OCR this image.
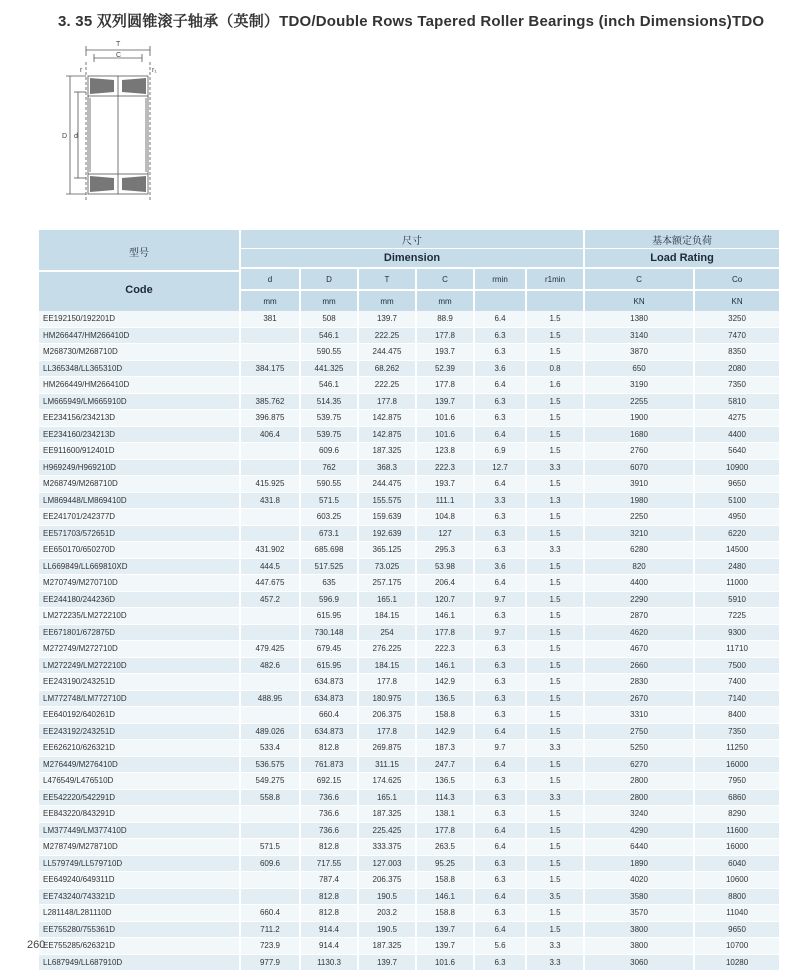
3. 35 双列圆锥滚子轴承（英制）TDO/Double Rows Tapered Roller Bearings (inch Dimensions)TDO
T
C
r	r₁
D d
型号
Code	尺寸						基本额定负荷	
	Dimension						Load Rating	
	d	D	T	C	rmin	r1min	C	Co
	mm	mm	mm	mm			KN	KN
EE192150/192201D	381	508	139.7	88.9	6.4	1.5	1380	3250
HM266447/HM266410D		546.1	222.25	177.8	6.3	1.5	3140	7470
M268730/M268710D		590.55	244.475	193.7	6.3	1.5	3870	8350
LL365348/LL365310D	384.175	441.325	68.262	52.39	3.6	0.8	650	2080
HM266449/HM266410D		546.1	222.25	177.8	6.4	1.6	3190	7350
LM665949/LM665910D	385.762	514.35	177.8	139.7	6.3	1.5	2255	5810
EE234156/234213D	396.875	539.75	142.875	101.6	6.3	1.5	1900	4275
EE234160/234213D	406.4	539.75	142.875	101.6	6.4	1.5	1680	4400
EE911600/912401D		609.6	187.325	123.8	6.9	1.5	2760	5640
H969249/H969210D		762	368.3	222.3	12.7	3.3	6070	10900
M268749/M268710D	415.925	590.55	244.475	193.7	6.4	1.5	3910	9650
LM869448/LM869410D	431.8	571.5	155.575	111.1	3.3	1.3	1980	5100
EE241701/242377D		603.25	159.639	104.8	6.3	1.5	2250	4950
EE571703/572651D		673.1	192.639	127	6.3	1.5	3210	6220
EE650170/650270D	431.902	685.698	365.125	295.3	6.3	3.3	6280	14500
LL669849/LL669810XD	444.5	517.525	73.025	53.98	3.6	1.5	820	2480
M270749/M270710D	447.675	635	257.175	206.4	6.4	1.5	4400	11000
EE244180/244236D	457.2	596.9	165.1	120.7	9.7	1.5	2290	5910
LM272235/LM272210D		615.95	184.15	146.1	6.3	1.5	2870	7225
EE671801/672875D		730.148	254	177.8	9.7	1.5	4620	9300
M272749/M272710D	479.425	679.45	276.225	222.3	6.3	1.5	4670	11710
LM272249/LM272210D	482.6	615.95	184.15	146.1	6.3	1.5	2660	7500
EE243190/243251D		634.873	177.8	142.9	6.3	1.5	2830	7400
LM772748/LM772710D	488.95	634.873	180.975	136.5	6.3	1.5	2670	7140
EE640192/640261D		660.4	206.375	158.8	6.3	1.5	3310	8400
EE243192/243251D	489.026	634.873	177.8	142.9	6.4	1.5	2750	7350
EE626210/626321D	533.4	812.8	269.875	187.3	9.7	3.3	5250	11250
M276449/M276410D	536.575	761.873	311.15	247.7	6.4	1.5	6270	16000
L476549/L476510D	549.275	692.15	174.625	136.5	6.3	1.5	2800	7950
EE542220/542291D	558.8	736.6	165.1	114.3	6.3	3.3	2800	6860
EE843220/843291D		736.6	187.325	138.1	6.3	1.5	3240	8290
LM377449/LM377410D		736.6	225.425	177.8	6.4	1.5	4290	11600
M278749/M278710D	571.5	812.8	333.375	263.5	6.4	1.5	6440	16000
LL579749/LL579710D	609.6	717.55	127.003	95.25	6.3	1.5	1890	6040
EE649240/649311D		787.4	206.375	158.8	6.3	1.5	4020	10600
EE743240/743321D		812.8	190.5	146.1	6.4	3.5	3580	8800
L281148/L281110D	660.4	812.8	203.2	158.8	6.3	1.5	3570	11040
EE755280/755361D	711.2	914.4	190.5	139.7	6.4	1.5	3800	9650
EE755285/626321D	723.9	914.4	187.325	139.7	5.6	3.3	3800	10700
LL687949/LL687910D	977.9	1130.3	139.7	101.6	6.3	3.3	3060	10280
260
